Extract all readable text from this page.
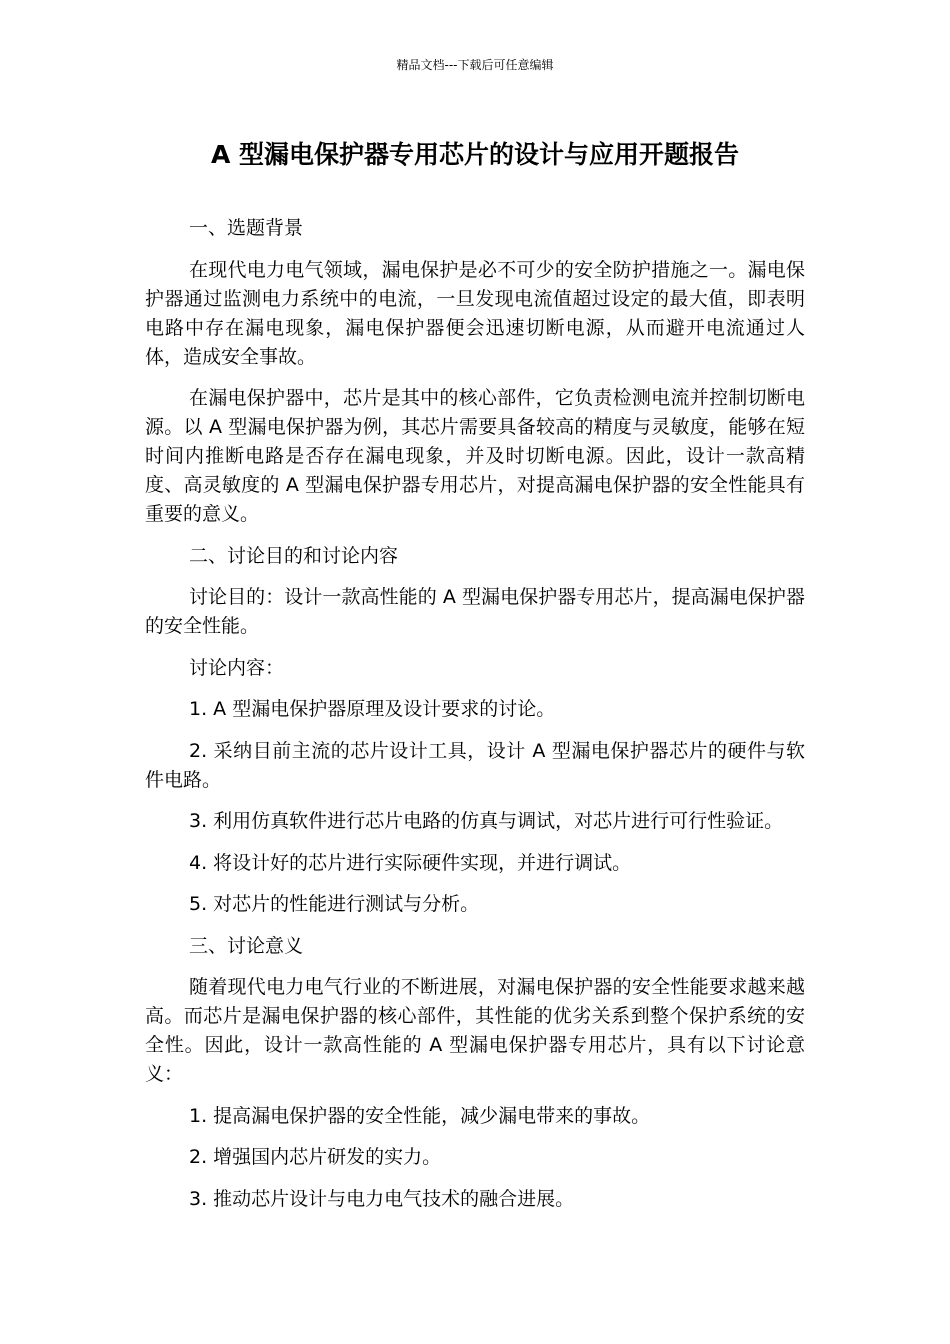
精品文档---下载后可任意编辑
A 型漏电保护器专用芯片的设计与应用开题报告

一、选题背景

在现代电力电气领域，漏电保护是必不可少的安全防护措施之一。漏电保护器通过监测电力系统中的电流，一旦发现电流值超过设定的最大值，即表明电路中存在漏电现象，漏电保护器便会迅速切断电源，从而避开电流通过人体，造成安全事故。

在漏电保护器中，芯片是其中的核心部件，它负责检测电流并控制切断电源。以 A 型漏电保护器为例，其芯片需要具备较高的精度与灵敏度，能够在短时间内推断电路是否存在漏电现象，并及时切断电源。因此，设计一款高精度、高灵敏度的 A 型漏电保护器专用芯片，对提高漏电保护器的安全性能具有重要的意义。

二、讨论目的和讨论内容

讨论目的：设计一款高性能的 A 型漏电保护器专用芯片，提高漏电保护器的安全性能。

讨论内容：

1. A 型漏电保护器原理及设计要求的讨论。

2. 采纳目前主流的芯片设计工具，设计 A 型漏电保护器芯片的硬件与软件电路。

3. 利用仿真软件进行芯片电路的仿真与调试，对芯片进行可行性验证。

4. 将设计好的芯片进行实际硬件实现，并进行调试。

5. 对芯片的性能进行测试与分析。

三、讨论意义

随着现代电力电气行业的不断进展，对漏电保护器的安全性能要求越来越高。而芯片是漏电保护器的核心部件，其性能的优劣关系到整个保护系统的安全性。因此，设计一款高性能的 A 型漏电保护器专用芯片，具有以下讨论意义：

1. 提高漏电保护器的安全性能，减少漏电带来的事故。

2. 增强国内芯片研发的实力。

3. 推动芯片设计与电力电气技术的融合进展。
